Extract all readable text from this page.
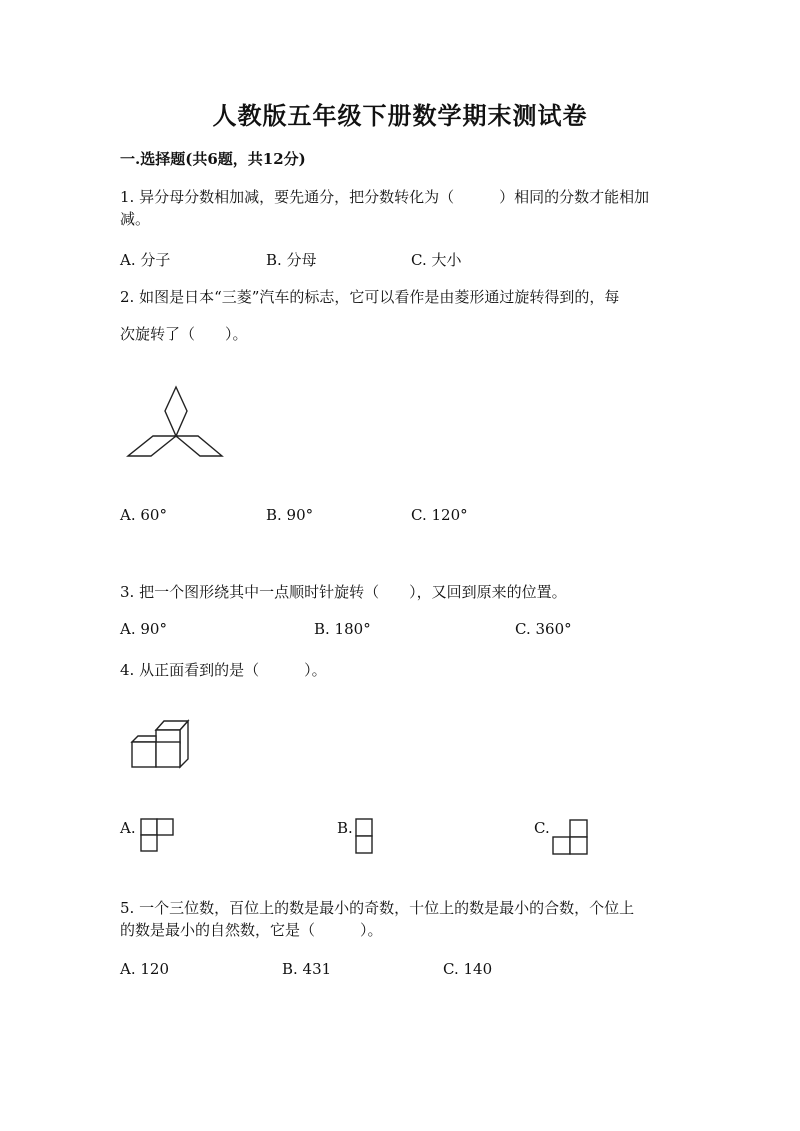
人教版五年级下册数学期末测试卷
一.选择题(共6题，共12分)
1. 异分母分数相加减，要先通分，把分数转化为（　　　）相同的分数才能相加
减。
A. 分子	B. 分母	C. 大小
2. 如图是日本“三菱”汽车的标志，它可以看作是由菱形通过旋转得到的，每
次旋转了（　　）。
A. 60°	B. 90°	C. 120°
3. 把一个图形绕其中一点顺时针旋转（　　），又回到原来的位置。
A. 90°	B. 180°	C. 360°
4. 从正面看到的是（　　　）。
A.	B.	C.
5. 一个三位数，百位上的数是最小的奇数，十位上的数是最小的合数，个位上
的数是最小的自然数，它是（　　　）。
A. 120	B. 431	C. 140
